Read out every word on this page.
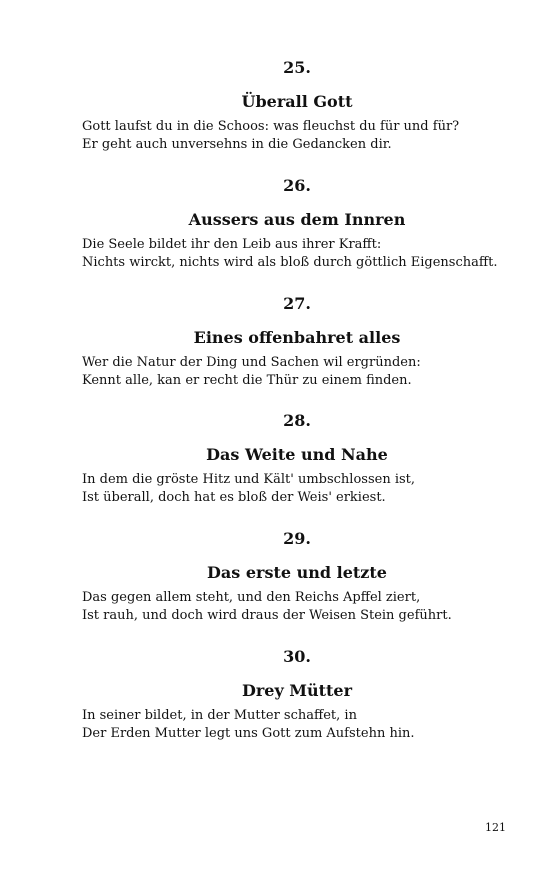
25.
Überall Gott
Gott laufst du in die Schoos: was fleuchst du für und für?
Er geht auch unversehns in die Gedancken dir.
26.
Aussers aus dem Innren
Die Seele bildet ihr den Leib aus ihrer Krafft:
Nichts wirckt, nichts wird als bloß durch göttlich Eigenschafft.
27.
Eines offenbahret alles
Wer die Natur der Ding und Sachen wil ergründen:
Kennt alle, kan er recht die Thür zu einem finden.
28.
Das Weite und Nahe
In dem die gröste Hitz und Kält' umbschlossen ist,
Ist überall, doch hat es bloß der Weis' erkiest.
29.
Das erste und letzte
Das gegen allem steht, und den Reichs Apffel ziert,
Ist rauh, und doch wird draus der Weisen Stein geführt.
30.
Drey Mütter
In seiner bildet, in der Mutter schaffet, in
Der Erden Mutter legt uns Gott zum Aufstehn hin.
121
